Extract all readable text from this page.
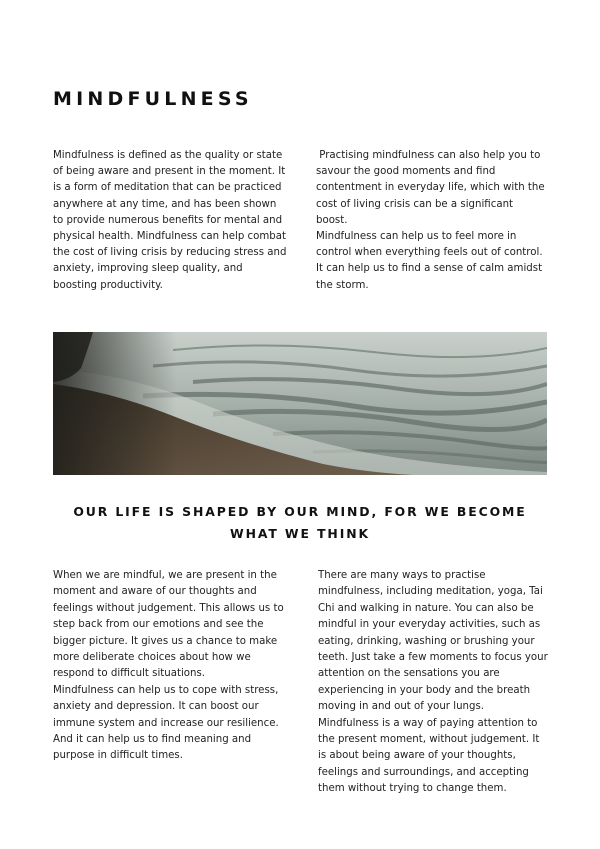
MINDFULNESS

Mindfulness is defined as the quality or state of being aware and present in the moment. It is a form of meditation that can be practiced anywhere at any time, and has been shown to provide numerous benefits for mental and physical health. Mindfulness can help combat the cost of living crisis by reducing stress and anxiety, improving sleep quality, and boosting productivity.

Practising mindfulness can also help you to savour the good moments and find contentment in everyday life, which with the cost of living crisis can be a significant boost.

Mindfulness can help us to feel more in control when everything feels out of control. It can help us to find a sense of calm amidst the storm.

OUR LIFE IS SHAPED BY OUR MIND, FOR WE BECOME WHAT WE THINK

When we are mindful, we are present in the moment and aware of our thoughts and feelings without judgement. This allows us to step back from our emotions and see the bigger picture. It gives us a chance to make more deliberate choices about how we respond to difficult situations.

Mindfulness can help us to cope with stress, anxiety and depression. It can boost our immune system and increase our resilience. And it can help us to find meaning and purpose in difficult times.

There are many ways to practise mindfulness, including meditation, yoga, Tai Chi and walking in nature. You can also be mindful in your everyday activities, such as eating, drinking, washing or brushing your teeth. Just take a few moments to focus your attention on the sensations you are experiencing in your body and the breath moving in and out of your lungs.

Mindfulness is a way of paying attention to the present moment, without judgement. It is about being aware of your thoughts, feelings and surroundings, and accepting them without trying to change them.
